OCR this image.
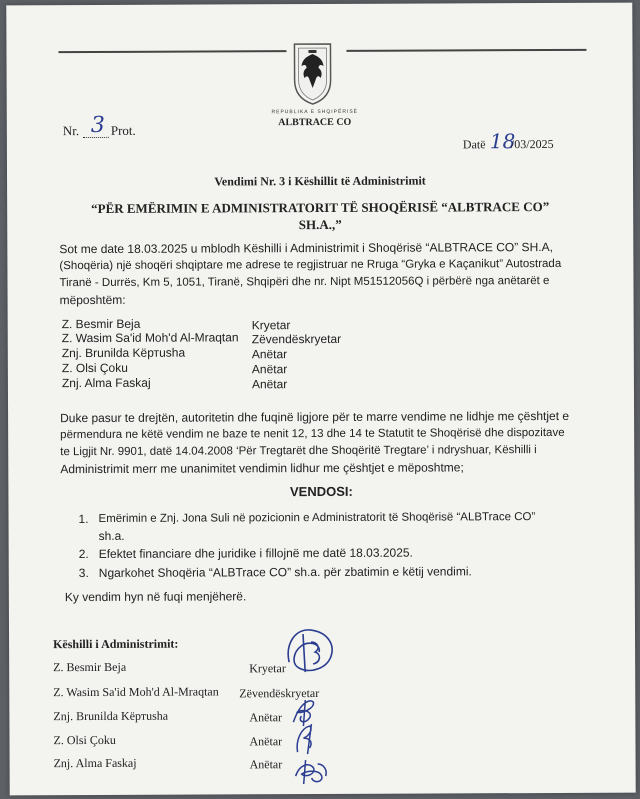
REPUBLIKA E SHQIPËRISË
ALBTRACE CO
Nr. 3 Prot.
Datë 18
/03/2025
Vendimi Nr. 3 i Këshillit të Administrimit
“PËR EMËRIMIN E ADMINISTRATORIT TË SHOQËRISË “ALBTRACE CO”
SH.A.,”
Sot me date 18.03.2025 u mblodh Këshilli i Administrimit i Shoqërisë “ALBTRACE CO” SH.A,
(Shoqëria) një shoqëri shqiptare me adrese te regjistruar ne Rruga “Gryka e Kaçanikut” Autostrada
Tiranë - Durrës, Km 5, 1051, Tiranë, Shqipëri dhe nr. Nipt M51512056Q i përbërë nga anëtarët e
mëposhtëm:
Z. Besmir Beja	Kryetar
Z. Wasim Sa'id Moh'd Al-Mraqtan Zëvendëskryetar
Znj. Brunilda Këртusha	Anëtar
Z. Olsi Çoku	Anëtar
Znj. Alma Faskaj	Anëtar
Duke pasur te drejtën, autoritetin dhe fuqinë ligjore për te marre vendime ne lidhje me çështjet e
përmendura ne këtë vendim ne baze te nenit 12, 13 dhe 14 te Statutit te Shoqërisë dhe dispozitave
te Ligjit Nr. 9901, datë 14.04.2008 ‘Për Tregtarët dhe Shoqëritë Tregtare’ i ndryshuar, Këshilli i
Administrimit merr me unanimitet vendimin lidhur me çështjet e mëposhtme;
VENDOSI:
1. Emërimin e Znj. Jona Suli në pozicionin e Administratorit të Shoqërisë “ALBTrace CO”
sh.a.
2. Efektet financiare dhe juridike i fillojnë me datë 18.03.2025.
3. Ngarkohet Shoqëria “ALBTrace CO” sh.a. për zbatimin e këtij vendimi.
Ky vendim hyn në fuqi menjëherë.
Këshilli i Administrimit:
Z. Besmir Beja	Kryetar
Z. Wasim Sa'id Moh'd Al-Mraqtan Zëvendëskryetar
Znj. Brunilda Këртusha	Anëtar
Z. Olsi Çoku	Anëtar
Znj. Alma Faskaj	Anëtar
